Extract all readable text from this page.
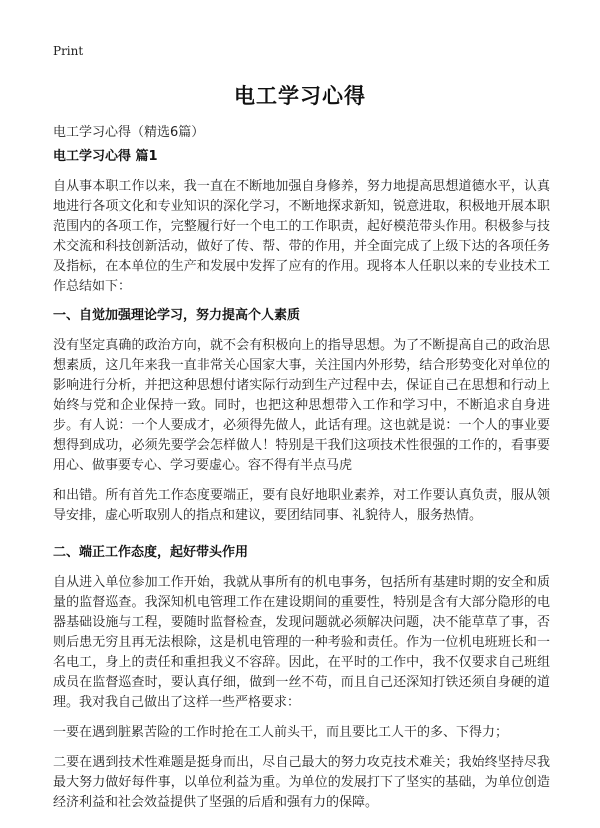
Print
电工学习心得
电工学习心得（精选6篇）
电工学习心得 篇1

自从事本职工作以来，我一直在不断地加强自身修养，努力地提高思想道德水平，认真地进行各项文化和专业知识的深化学习，不断地探求新知，锐意进取，积极地开展本职范围内的各项工作，完整履行好一个电工的工作职责，起好模范带头作用。积极参与技术交流和科技创新活动，做好了传、帮、带的作用，并全面完成了上级下达的各项任务及指标，在本单位的生产和发展中发挥了应有的作用。现将本人任职以来的专业技术工作总结如下：

一、自觉加强理论学习，努力提高个人素质

没有坚定真确的政治方向，就不会有积极向上的指导思想。为了不断提高自己的政治思想素质，这几年来我一直非常关心国家大事，关注国内外形势，结合形势变化对单位的影响进行分析，并把这种思想付诸实际行动到生产过程中去，保证自己在思想和行动上始终与党和企业保持一致。同时，也把这种思想带入工作和学习中，不断追求自身进步。有人说：一个人要成才，必须得先做人，此话有理。这也就是说：一个人的事业要想得到成功，必须先要学会怎样做人！特别是干我们这项技术性很强的工作的，看事要用心、做事要专心、学习要虚心。容不得有半点马虎

和出错。所有首先工作态度要端正，要有良好地职业素养，对工作要认真负责，服从领导安排，虚心听取别人的指点和建议，要团结同事、礼貌待人，服务热情。

二、端正工作态度，起好带头作用

自从进入单位参加工作开始，我就从事所有的机电事务，包括所有基建时期的安全和质量的监督巡查。我深知机电管理工作在建设期间的重要性，特别是含有大部分隐形的电器基础设施与工程，要随时监督检查，发现问题就必须解决问题，决不能草草了事，否则后患无穷且再无法根除，这是机电管理的一种考验和责任。作为一位机电班班长和一名电工，身上的责任和重担我义不容辞。因此，在平时的工作中，我不仅要求自己班组成员在监督巡查时，要认真仔细，做到一丝不苟，而且自己还深知打铁还须自身硬的道理。我对我自己做出了这样一些严格要求：

一要在遇到脏累苦险的工作时抢在工人前头干，而且要比工人干的多、下得力；

二要在遇到技术性难题是挺身而出，尽自己最大的努力攻克技术难关；我始终坚持尽我最大努力做好每件事，以单位利益为重。为单位的发展打下了坚实的基础，为单位创造经济利益和社会效益提供了坚强的后盾和强有力的保障。
